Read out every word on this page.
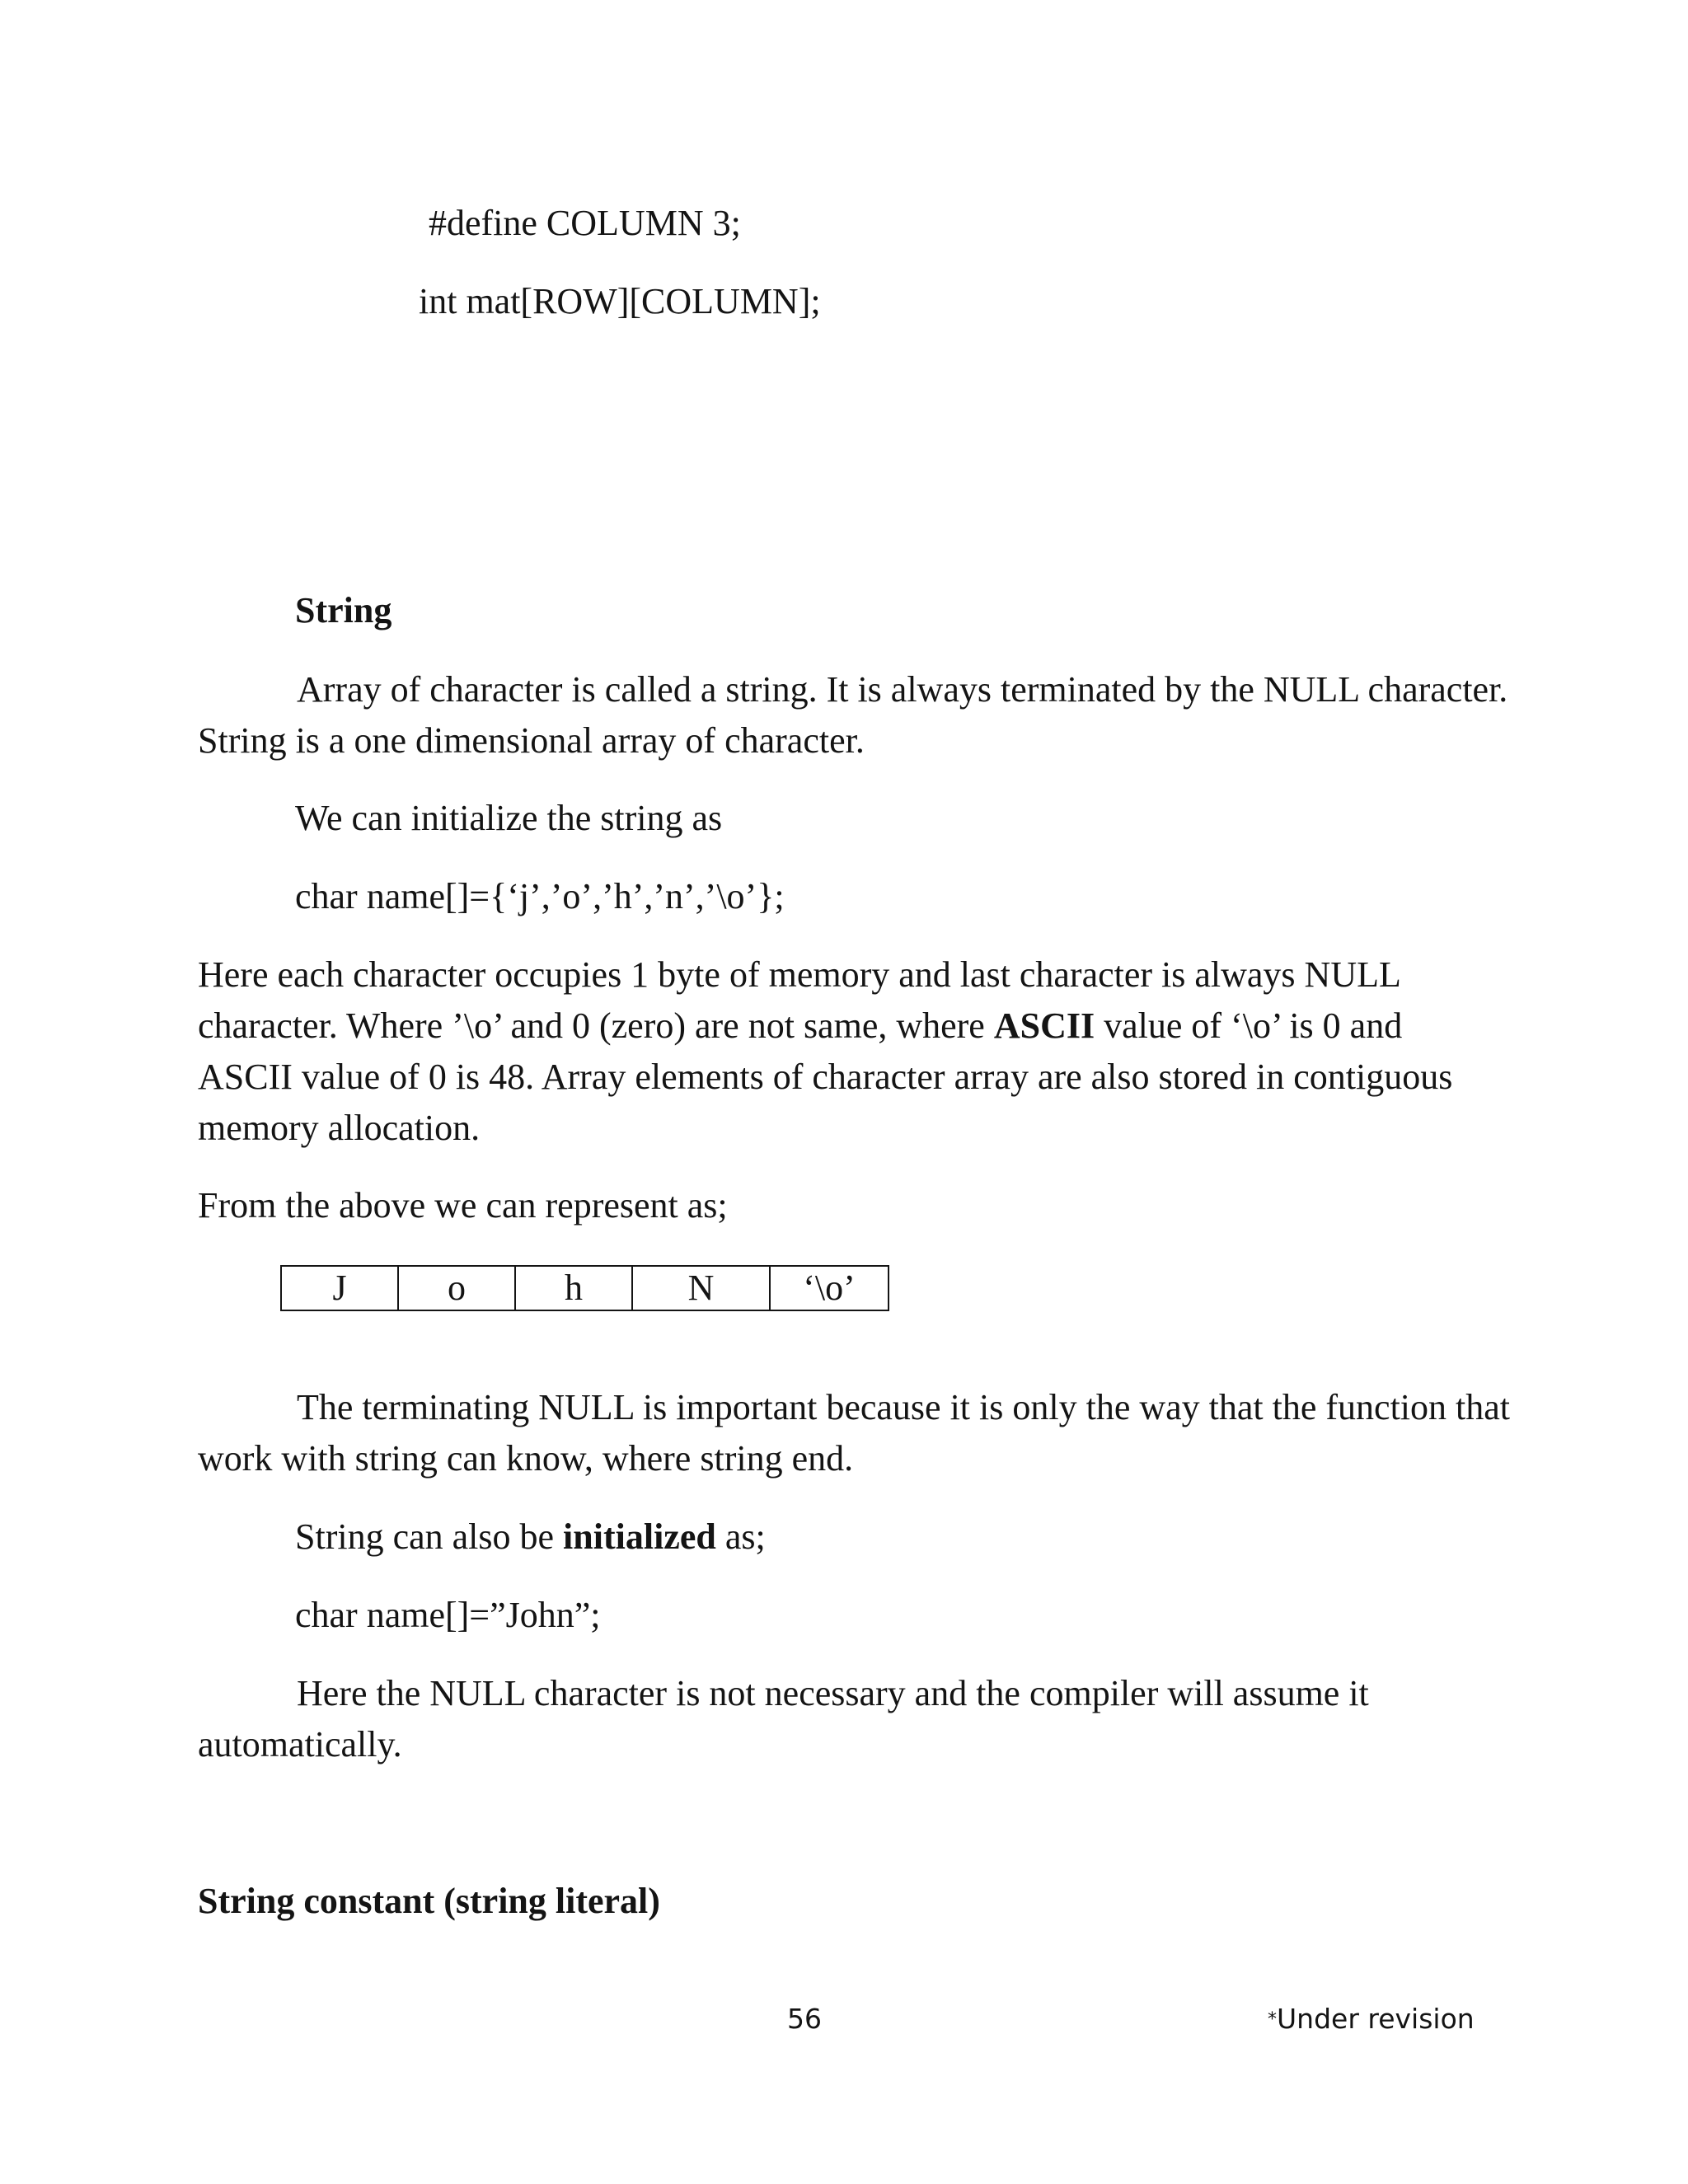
#define COLUMN 3;
int mat[ROW][COLUMN];
String
Array of character is called a string. It is always terminated by the NULL character. String is a one dimensional array of character.
We can initialize the string as
char name[]={‘j’,’o’,’h’,’n’,’\o’};
Here each character occupies 1 byte of memory and last character is always NULL character. Where ’\o’ and 0 (zero) are not same, where ASCII value of ‘\o’ is 0 and ASCII value of 0 is 48. Array elements of character array are also stored in contiguous memory allocation.
From the above we can represent as;
J	o	h	N	‘\o’
The terminating NULL is important because it is only the way that the function that work with string can know, where string end.
String can also be initialized as;
char name[]=”John”;
Here the NULL character is not necessary and the compiler will assume it automatically.
String constant (string literal)
56	*Under revision
